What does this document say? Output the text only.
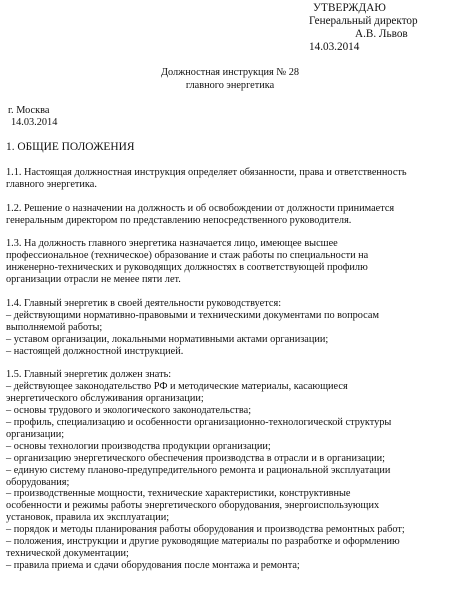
УТВЕРЖДАЮ
Генеральный директор
А.В. Львов
14.03.2014
Должностная инструкция № 28
главного энергетика
г. Москва
14.03.2014
1. ОБЩИЕ ПОЛОЖЕНИЯ
1.1. Настоящая должностная инструкция определяет обязанности, права и ответственность
главного энергетика.
1.2. Решение о назначении на должность и об освобождении от должности принимается
генеральным директором по представлению непосредственного руководителя.
1.3. На должность главного энергетика назначается лицо, имеющее высшее
профессиональное (техническое) образование и стаж работы по специальности на
инженерно-технических и руководящих должностях в соответствующей профилю
организации отрасли не менее пяти лет.
1.4. Главный энергетик в своей деятельности руководствуется:
– действующими нормативно-правовыми и техническими документами по вопросам
выполняемой работы;
– уставом организации, локальными нормативными актами организации;
– настоящей должностной инструкцией.
1.5. Главный энергетик должен знать:
– действующее законодательство РФ и методические материалы, касающиеся
энергетического обслуживания организации;
– основы трудового и экологического законодательства;
– профиль, специализацию и особенности организационно-технологической структуры
организации;
– основы технологии производства продукции организации;
– организацию энергетического обеспечения производства в отрасли и в организации;
– единую систему планово-предупредительного ремонта и рациональной эксплуатации
оборудования;
– производственные мощности, технические характеристики, конструктивные
особенности и режимы работы энергетического оборудования, энергоиспользующих
установок, правила их эксплуатации;
– порядок и методы планирования работы оборудования и производства ремонтных работ;
– положения, инструкции и другие руководящие материалы по разработке и оформлению
технической документации;
– правила приема и сдачи оборудования после монтажа и ремонта;
